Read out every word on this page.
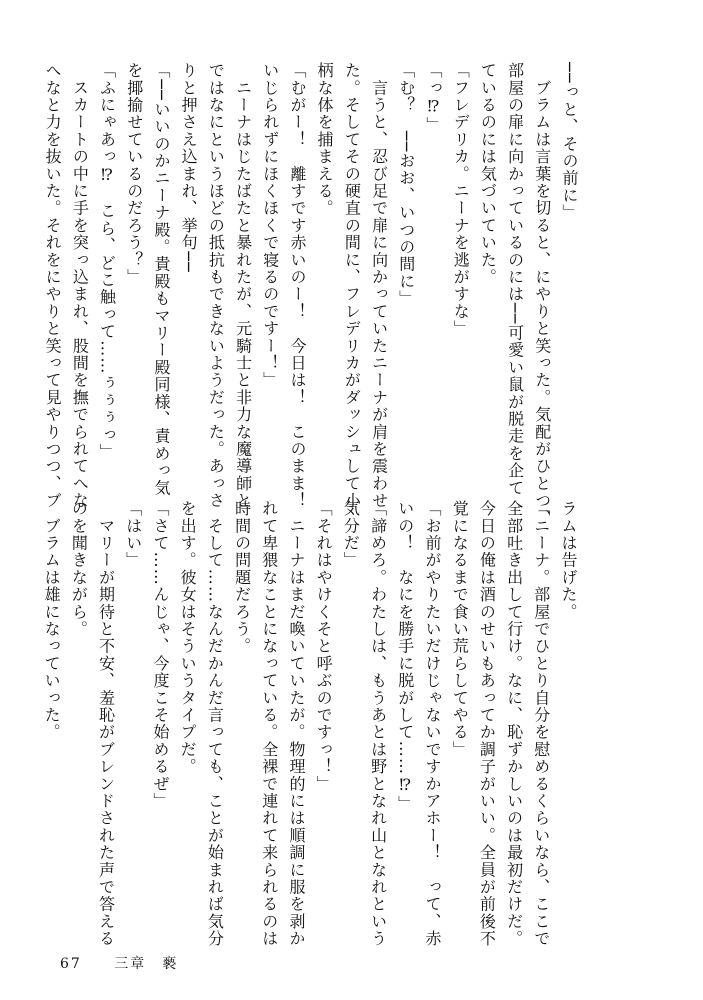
──っと、その前に」
　ブラムは言葉を切ると、にやりと笑った。気配がひとつ、
部屋の扉に向かっているのには──可愛い鼠が脱走を企て
ているのには気づいていた。
「フレデリカ。ニーナを逃がすな」
「っ⁉」
「む？　──おお、いつの間に」
　言うと、忍び足で扉に向かっていたニーナが肩を震わせ
た。そしてその硬直の間に、フレデリカがダッシュして小
柄な体を捕まえる。
「むがー！　離すです赤いのー！　今日は！　このまま！
いじられずにほくほくで寝るのですー！」
　ニーナはじたばたと暴れたが、元騎士と非力な魔導師と
ではなにというほどの抵抗もできないようだった。あっさ
りと押さえ込まれ、挙句──
「──いいのかニーナ殿。貴殿もマリー殿同様、責めっ気
を揶揄せているのだろう？」
「ふにゃあっ⁉　こら、どこ触って……ぅぅぅっ」
　スカートの中に手を突っ込まれ、股間を撫でられてへな
へなと力を抜いた。それをにやりと笑って見やりつつ、ブ
ラムは告げた。
「ニーナ。部屋でひとり自分を慰めるくらいなら、ここで
全部吐き出して行け。なに、恥ずかしいのは最初だけだ。
今日の俺は酒のせいもあってか調子がいい。全員が前後不
覚になるまで食い荒らしてやる」
「お前がやりたいだけじゃないですかアホー！　って、赤
いの！　なにを勝手に脱がして……⁉」
「諦めろ。わたしは、もうあとは野となれ山となれという
気分だ」
「それはやけくそと呼ぶのですっ！」
　ニーナはまだ喚いていたが。物理的には順調に服を剥か
れて卑猥なことになっている。全裸で連れて来られるのは
時間の問題だろう。
　そして……なんだかんだ言っても、ことが始まれば気分
を出す。彼女はそういうタイプだ。
「さて……んじゃ、今度こそ始めるぜ」
「はい」
　マリーが期待と不安、羞恥がブレンドされた声で答える
のを聞きながら。
　ブラムは雄になっていった。
67 三章　褻
